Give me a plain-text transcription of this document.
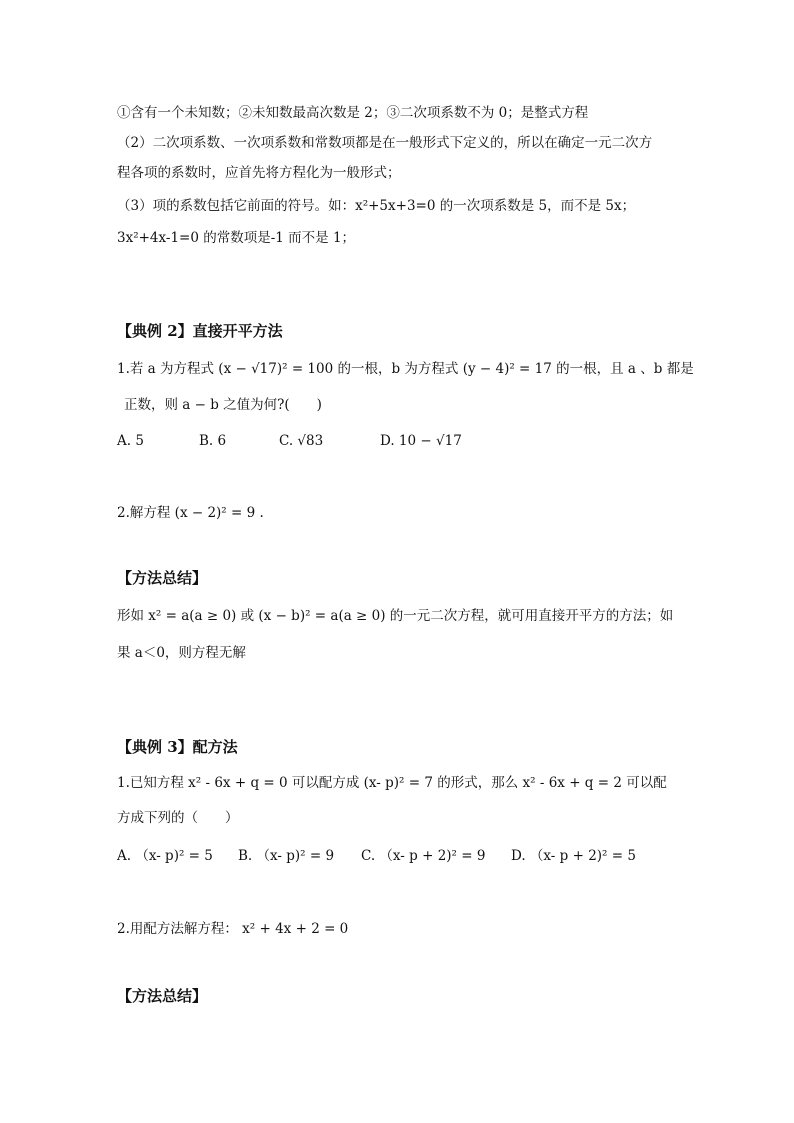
①含有一个未知数；②未知数最高次数是 2；③二次项系数不为 0；是整式方程
（2）二次项系数、一次项系数和常数项都是在一般形式下定义的，所以在确定一元二次方
程各项的系数时，应首先将方程化为一般形式；
（3）项的系数包括它前面的符号。如：x²+5x+3=0 的一次项系数是 5，而不是 5x；
3x²+4x-1=0 的常数项是-1 而不是 1；
【典例 2】直接开平方法
1.若 a 为方程式 (x − √17)² = 100 的一根，b 为方程式 (y − 4)² = 17 的一根，且 a 、b 都是
正数，则 a − b 之值为何?(　　)
A. 5	B. 6	C. √83	D. 10 − √17
2.解方程 (x − 2)² = 9 .
【方法总结】
形如 x² = a(a ≥ 0) 或 (x − b)² = a(a ≥ 0) 的一元二次方程，就可用直接开平方的方法；如
果 a＜0，则方程无解
【典例 3】配方法
1.已知方程 x² - 6x + q = 0 可以配方成 (x- p)² = 7 的形式，那么 x² - 6x + q = 2 可以配
方成下列的（　　）
A. （x- p)² = 5 B. （x- p)² = 9 C. （x- p + 2)² = 9 D. （x- p + 2)² = 5
2.用配方法解方程： x² + 4x + 2 = 0
【方法总结】
